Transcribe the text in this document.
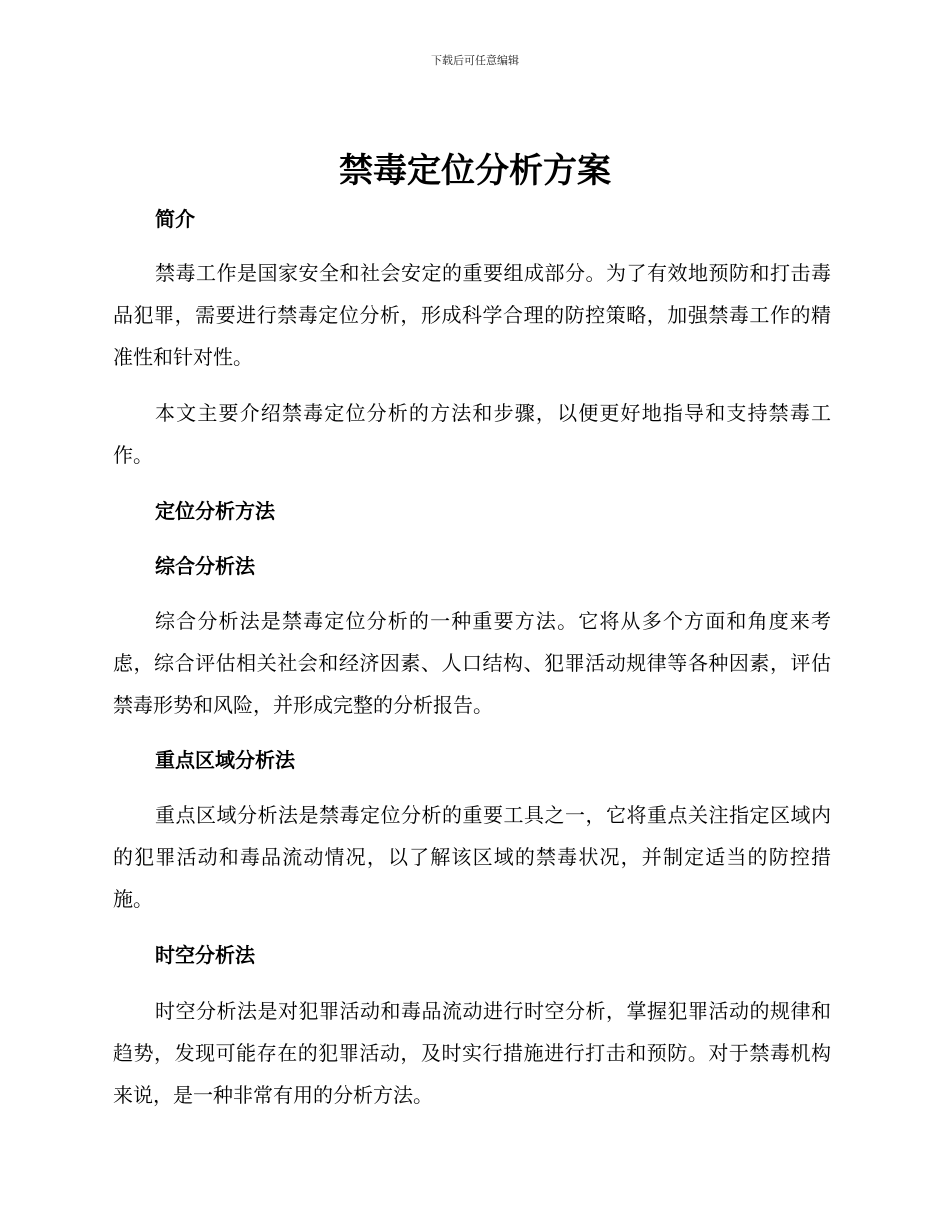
下载后可任意编辑
禁毒定位分析方案
简介

禁毒工作是国家安全和社会安定的重要组成部分。为了有效地预防和打击毒品犯罪，需要进行禁毒定位分析，形成科学合理的防控策略，加强禁毒工作的精准性和针对性。

本文主要介绍禁毒定位分析的方法和步骤，以便更好地指导和支持禁毒工作。

定位分析方法
综合分析法

综合分析法是禁毒定位分析的一种重要方法。它将从多个方面和角度来考虑，综合评估相关社会和经济因素、人口结构、犯罪活动规律等各种因素，评估禁毒形势和风险，并形成完整的分析报告。

重点区域分析法

重点区域分析法是禁毒定位分析的重要工具之一，它将重点关注指定区域内的犯罪活动和毒品流动情况，以了解该区域的禁毒状况，并制定适当的防控措施。

时空分析法

时空分析法是对犯罪活动和毒品流动进行时空分析，掌握犯罪活动的规律和趋势，发现可能存在的犯罪活动，及时实行措施进行打击和预防。对于禁毒机构来说，是一种非常有用的分析方法。
